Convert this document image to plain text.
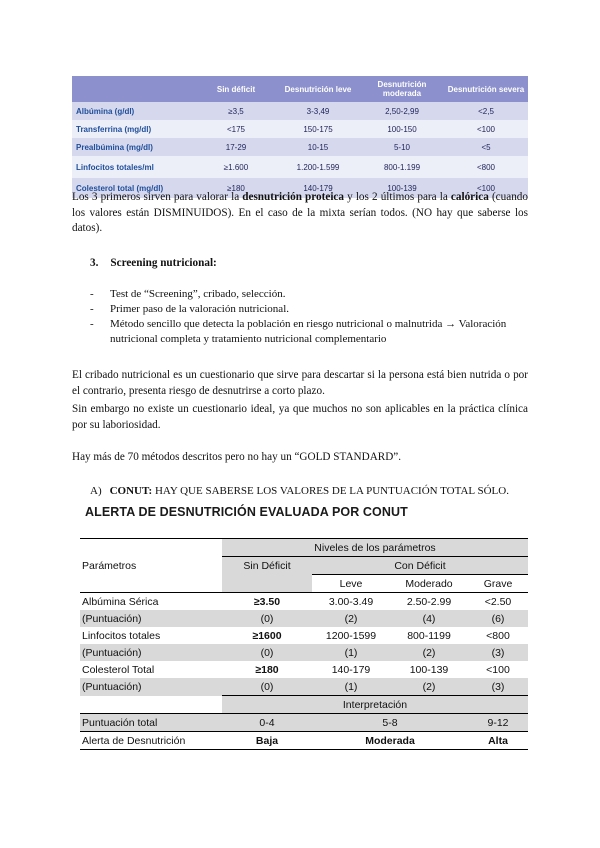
	Sin déficit	Desnutrición leve	Desnutrición moderada	Desnutrición severa
Albúmina (g/dl)	≥3,5	3-3,49	2,50-2,99	<2,5
Transferrina (mg/dl)	<175	150-175	100-150	<100
Prealbúmina (mg/dl)	17-29	10-15	5-10	<5
Linfocitos totales/ml	≥1.600	1.200-1.599	800-1.199	<800
Colesterol total (mg/dl)	≥180	140-179	100-139	<100

Los 3 primeros sirven para valorar la desnutrición proteica y los 2 últimos para la calórica (cuando los valores están DISMINUIDOS). En el caso de la mixta serían todos. (NO hay que saberse los datos).

3. Screening nutricional:
- Test de “Screening”, cribado, selección.
- Primer paso de la valoración nutricional.
- Método sencillo que detecta la población en riesgo nutricional o malnutrida → Valoración nutricional completa y tratamiento nutricional complementario

El cribado nutricional es un cuestionario que sirve para descartar si la persona está bien nutrida o por el contrario, presenta riesgo de desnutrirse a corto plazo.

Sin embargo no existe un cuestionario ideal, ya que muchos no son aplicables en la práctica clínica por su laboriosidad.

Hay más de 70 métodos descritos pero no hay un “GOLD STANDARD”.

A) CONUT: HAY QUE SABERSE LOS VALORES DE LA PUNTUACIÓN TOTAL SÓLO.
ALERTA DE DESNUTRICIÓN EVALUADA POR CONUT
	Niveles de los parámetros			
Parámetros	Sin Déficit	Con Déficit		
		Leve	Moderado	Grave
Albúmina Sérica	≥3.50	3.00-3.49	2.50-2.99	<2.50
(Puntuación)	(0)	(2)	(4)	(6)
Linfocitos totales	≥1600	1200-1599	800-1199	<800
(Puntuación)	(0)	(1)	(2)	(3)
Colesterol Total	≥180	140-179	100-139	<100
(Puntuación)	(0)	(1)	(2)	(3)
	Interpretación			
Puntuación total	0-4	5-8		9-12
Alerta de Desnutrición	Baja	Moderada		Alta
